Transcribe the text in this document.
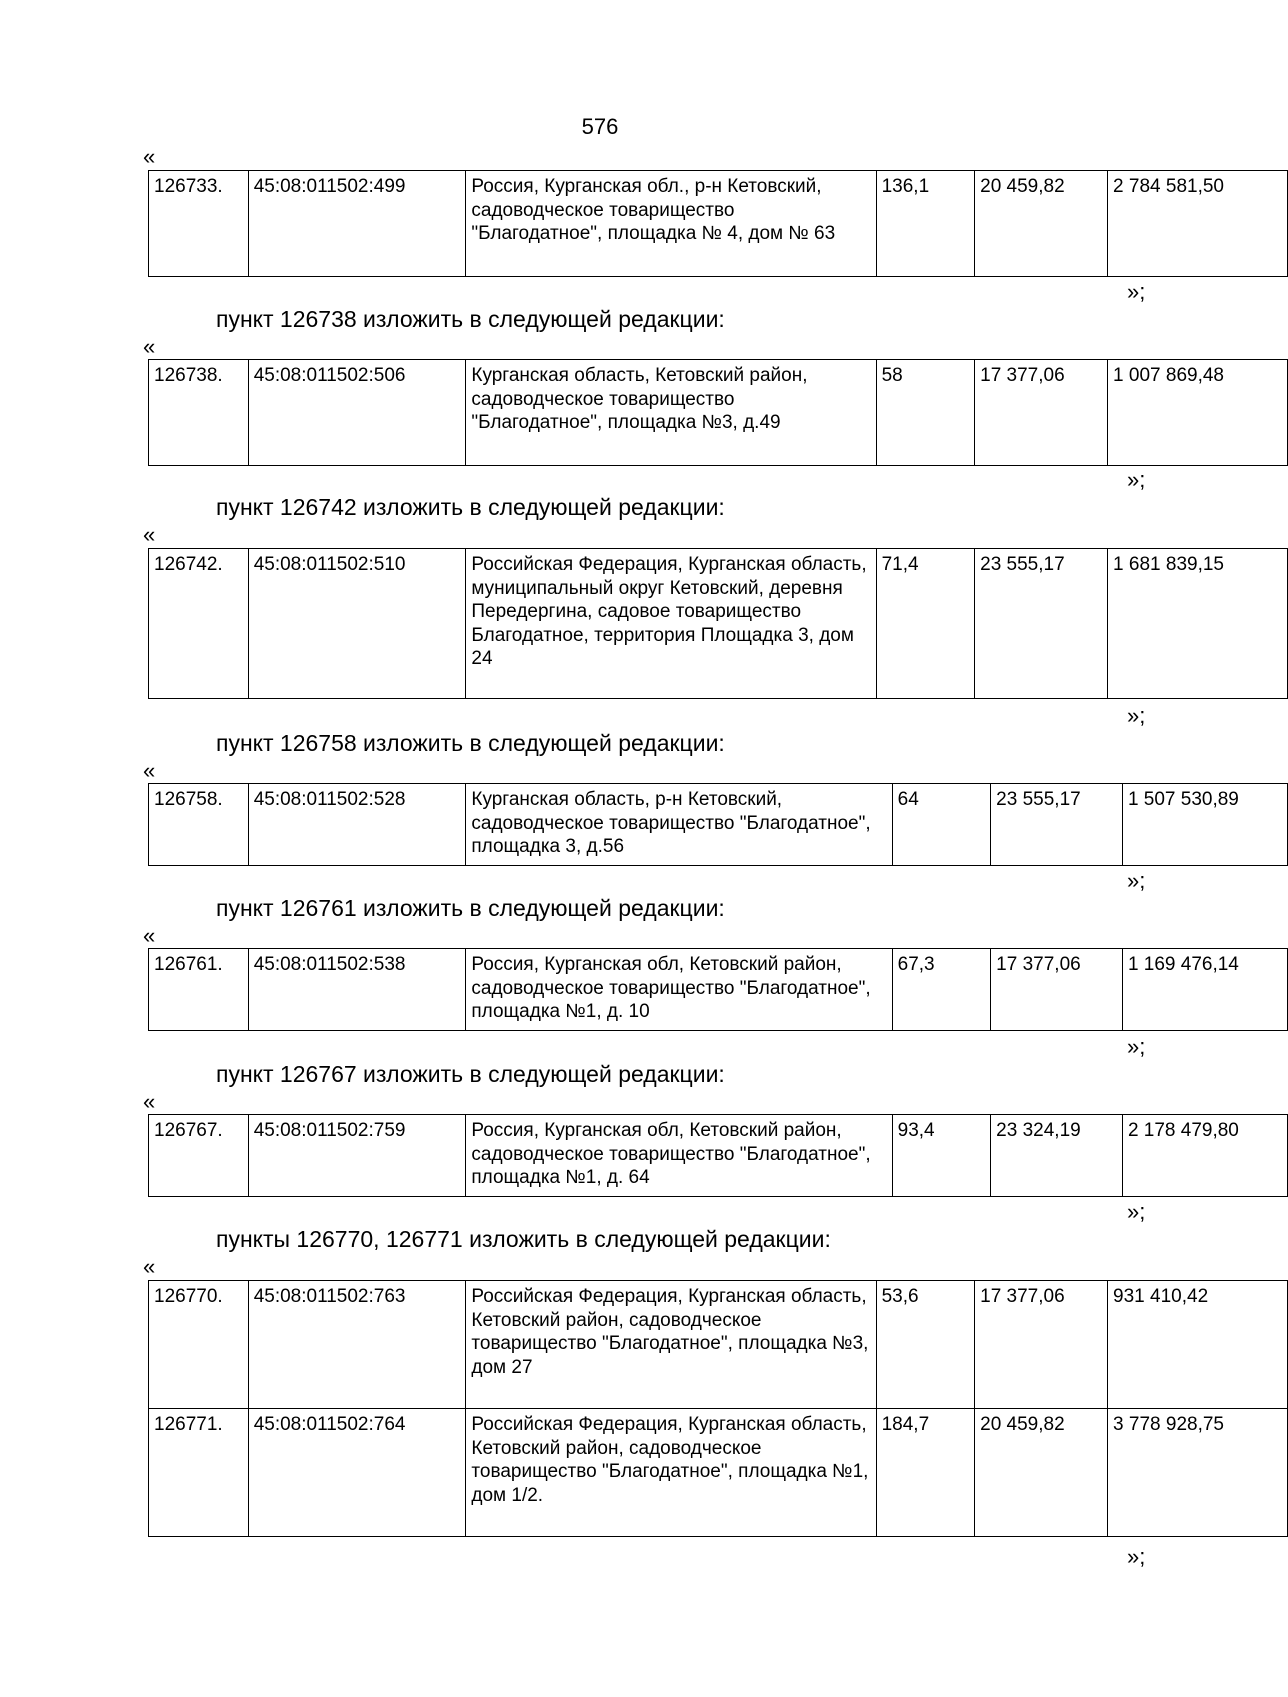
576
«
126733.	45:08:011502:499	Россия, Курганская обл., р-н Кетовский, садоводческое товарищество "Благодатное", площадка № 4, дом № 63	136,1	20 459,82	2 784 581,50
»;
пункт 126738 изложить в следующей редакции:
«
126738.	45:08:011502:506	Курганская область, Кетовский район, садоводческое товарищество "Благодатное", площадка №3, д.49	58	17 377,06	1 007 869,48
»;
пункт 126742 изложить в следующей редакции:
«
126742.	45:08:011502:510	Российская Федерация, Курганская область, муниципальный округ Кетовский, деревня Передергина, садовое товарищество Благодатное, территория Площадка 3, дом 24	71,4	23 555,17	1 681 839,15
»;
пункт 126758 изложить в следующей редакции:
«
126758.	45:08:011502:528	Курганская область, р-н Кетовский, садоводческое товарищество "Благодатное", площадка 3, д.56	64	23 555,17	1 507 530,89
»;
пункт 126761 изложить в следующей редакции:
«
126761.	45:08:011502:538	Россия, Курганская обл, Кетовский район, садоводческое товарищество "Благодатное", площадка №1, д. 10	67,3	17 377,06	1 169 476,14
»;
пункт 126767 изложить в следующей редакции:
«
126767.	45:08:011502:759	Россия, Курганская обл, Кетовский район, садоводческое товарищество "Благодатное", площадка №1, д. 64	93,4	23 324,19	2 178 479,80
»;
пункты 126770, 126771 изложить в следующей редакции:
«
126770.	45:08:011502:763	Российская Федерация, Курганская область, Кетовский район, садоводческое товарищество "Благодатное", площадка №3, дом 27	53,6	17 377,06	931 410,42
126771.	45:08:011502:764	Российская Федерация, Курганская область, Кетовский район, садоводческое товарищество "Благодатное", площадка №1, дом 1/2.	184,7	20 459,82	3 778 928,75
»;
